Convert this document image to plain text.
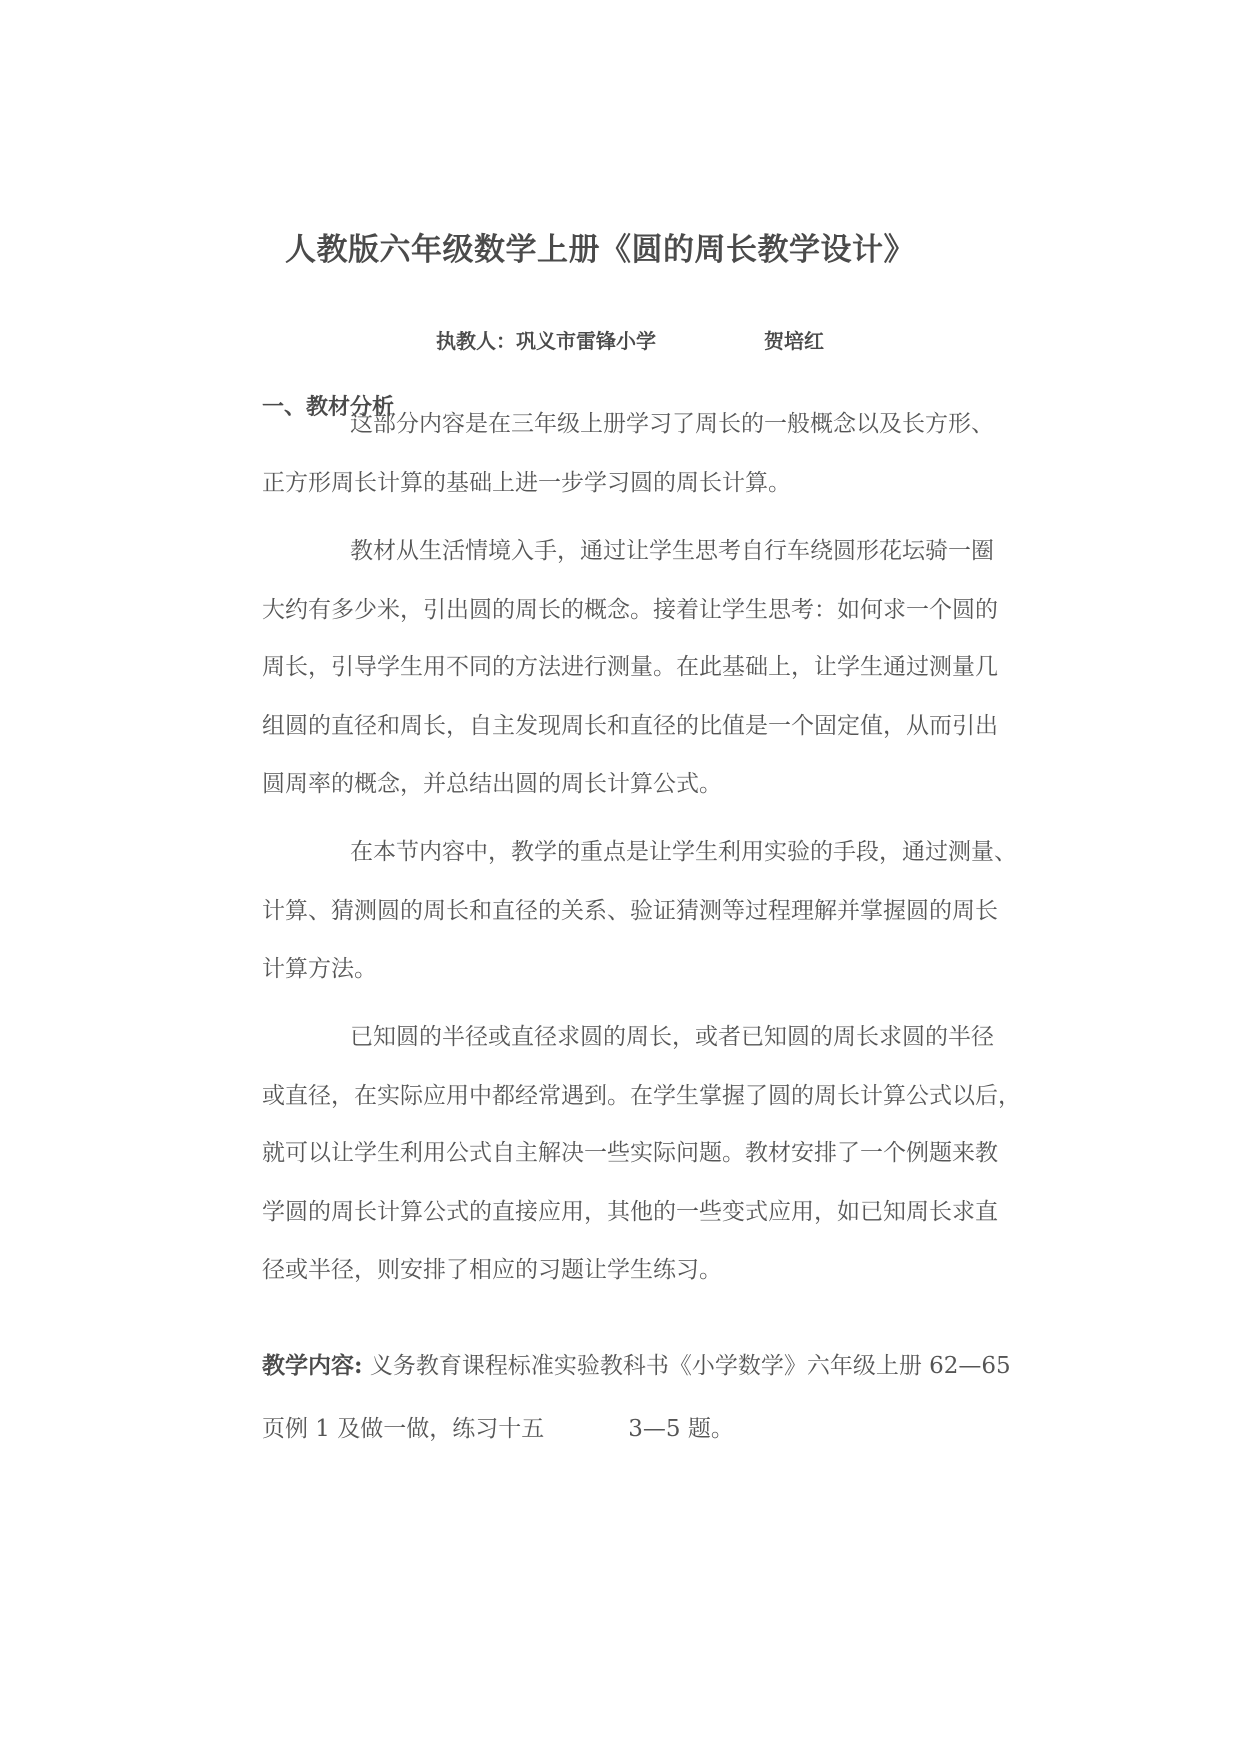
人教版六年级数学上册《圆的周长教学设计》
执教人：巩义市雷锋小学	贺培红
一、教材分析
这部分内容是在三年级上册学习了周长的一般概念以及长方形、
正方形周长计算的基础上进一步学习圆的周长计算。
教材从生活情境入手，通过让学生思考自行车绕圆形花坛骑一圈
大约有多少米，引出圆的周长的概念。接着让学生思考：如何求一个圆的
周长，引导学生用不同的方法进行测量。在此基础上，让学生通过测量几
组圆的直径和周长，自主发现周长和直径的比值是一个固定值，从而引出
圆周率的概念，并总结出圆的周长计算公式。
在本节内容中，教学的重点是让学生利用实验的手段，通过测量、
计算、猜测圆的周长和直径的关系、验证猜测等过程理解并掌握圆的周长
计算方法。
已知圆的半径或直径求圆的周长，或者已知圆的周长求圆的半径
或直径，在实际应用中都经常遇到。在学生掌握了圆的周长计算公式以后，
就可以让学生利用公式自主解决一些实际问题。教材安排了一个例题来教
学圆的周长计算公式的直接应用，其他的一些变式应用，如已知周长求直
径或半径，则安排了相应的习题让学生练习。
教学内容: 义务教育课程标准实验教科书《小学数学》六年级上册 62—65
页例 1 及做一做，练习十五	3—5 题。
